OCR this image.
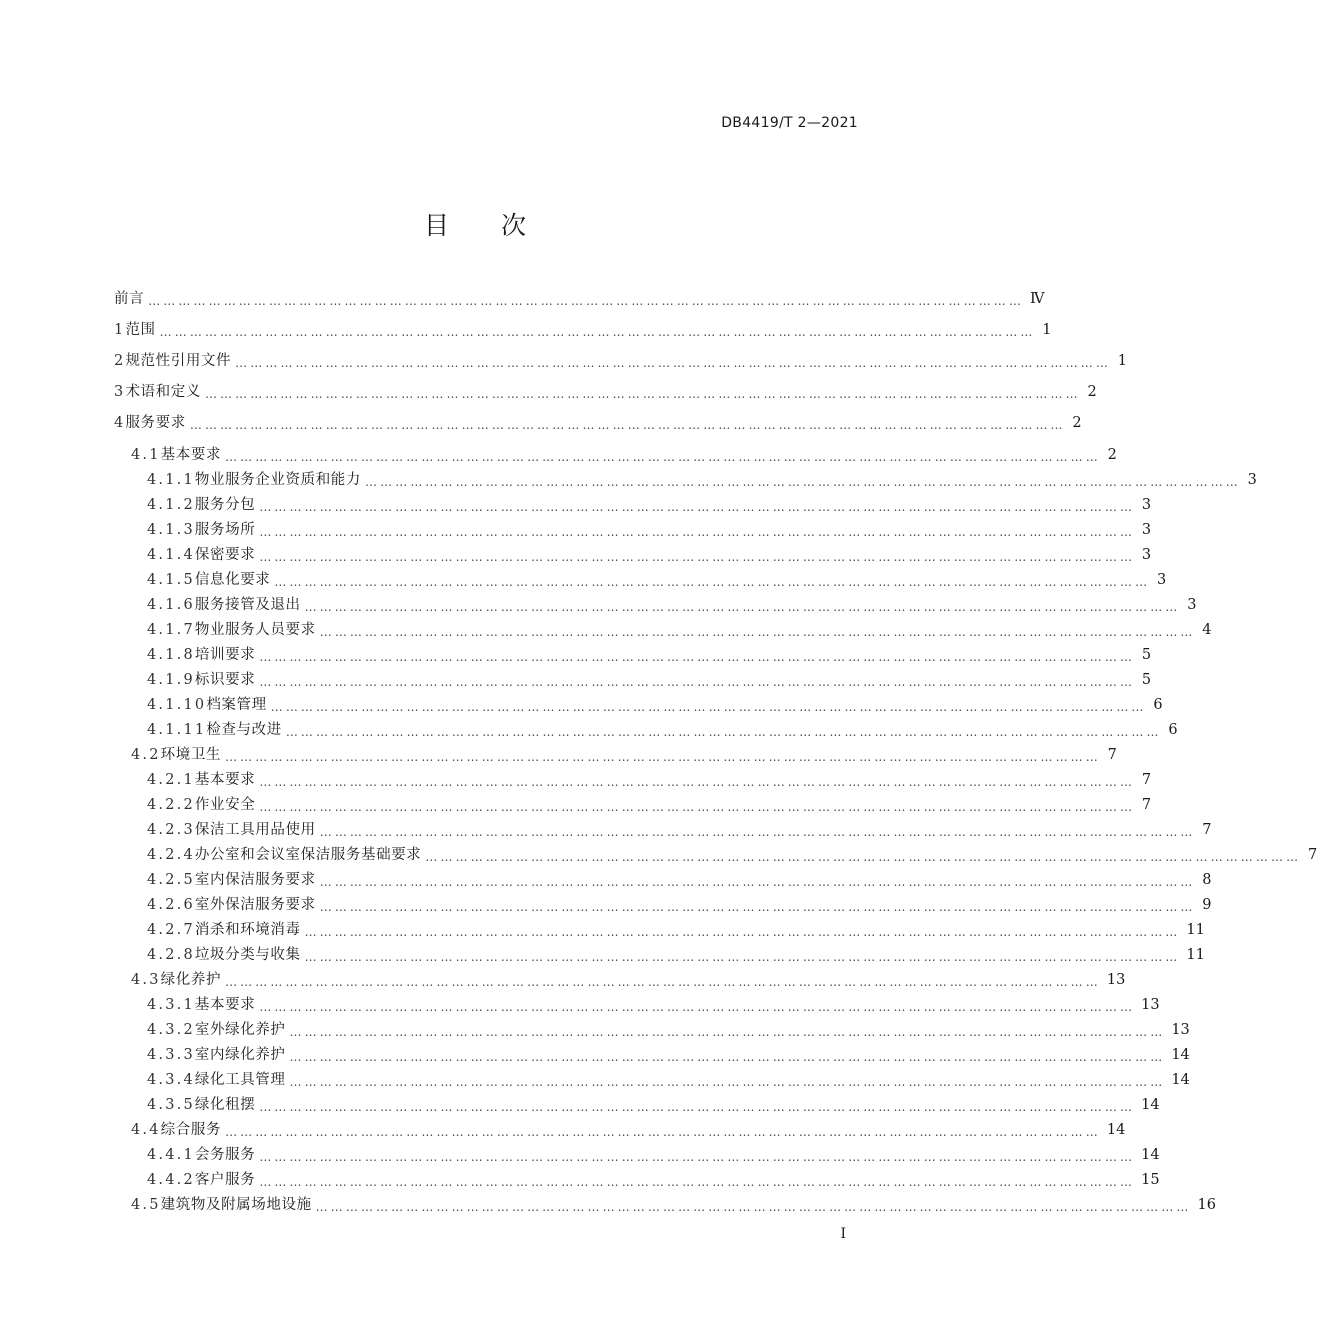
DB4419/T 2—2021
目 次
前言 ………………………………………………………………………………………………………………………………………………………… Ⅳ
1 范围 ………………………………………………………………………………………………………………………………………………………… 1
2 规范性引用文件 ………………………………………………………………………………………………………………………………………………………… 1
3 术语和定义 ………………………………………………………………………………………………………………………………………………………… 2
4 服务要求 ………………………………………………………………………………………………………………………………………………………… 2
4.1 基本要求 ………………………………………………………………………………………………………………………………………………………… 2
4.1.1 物业服务企业资质和能力 ………………………………………………………………………………………………………………………………………………………… 3
4.1.2 服务分包 ………………………………………………………………………………………………………………………………………………………… 3
4.1.3 服务场所 ………………………………………………………………………………………………………………………………………………………… 3
4.1.4 保密要求 ………………………………………………………………………………………………………………………………………………………… 3
4.1.5 信息化要求 ………………………………………………………………………………………………………………………………………………………… 3
4.1.6 服务接管及退出 ………………………………………………………………………………………………………………………………………………………… 3
4.1.7 物业服务人员要求 ………………………………………………………………………………………………………………………………………………………… 4
4.1.8 培训要求 ………………………………………………………………………………………………………………………………………………………… 5
4.1.9 标识要求 ………………………………………………………………………………………………………………………………………………………… 5
4.1.10 档案管理 ………………………………………………………………………………………………………………………………………………………… 6
4.1.11 检查与改进 ………………………………………………………………………………………………………………………………………………………… 6
4.2 环境卫生 ………………………………………………………………………………………………………………………………………………………… 7
4.2.1 基本要求 ………………………………………………………………………………………………………………………………………………………… 7
4.2.2 作业安全 ………………………………………………………………………………………………………………………………………………………… 7
4.2.3 保洁工具用品使用 ………………………………………………………………………………………………………………………………………………………… 7
4.2.4 办公室和会议室保洁服务基础要求 ………………………………………………………………………………………………………………………………………………………… 7
4.2.5 室内保洁服务要求 ………………………………………………………………………………………………………………………………………………………… 8
4.2.6 室外保洁服务要求 ………………………………………………………………………………………………………………………………………………………… 9
4.2.7 消杀和环境消毒 ………………………………………………………………………………………………………………………………………………………… 11
4.2.8 垃圾分类与收集 ………………………………………………………………………………………………………………………………………………………… 11
4.3 绿化养护 ………………………………………………………………………………………………………………………………………………………… 13
4.3.1 基本要求 ………………………………………………………………………………………………………………………………………………………… 13
4.3.2 室外绿化养护 ………………………………………………………………………………………………………………………………………………………… 13
4.3.3 室内绿化养护 ………………………………………………………………………………………………………………………………………………………… 14
4.3.4 绿化工具管理 ………………………………………………………………………………………………………………………………………………………… 14
4.3.5 绿化租摆 ………………………………………………………………………………………………………………………………………………………… 14
4.4 综合服务 ………………………………………………………………………………………………………………………………………………………… 14
4.4.1 会务服务 ………………………………………………………………………………………………………………………………………………………… 14
4.4.2 客户服务 ………………………………………………………………………………………………………………………………………………………… 15
4.5 建筑物及附属场地设施 ………………………………………………………………………………………………………………………………………………………… 16
I
